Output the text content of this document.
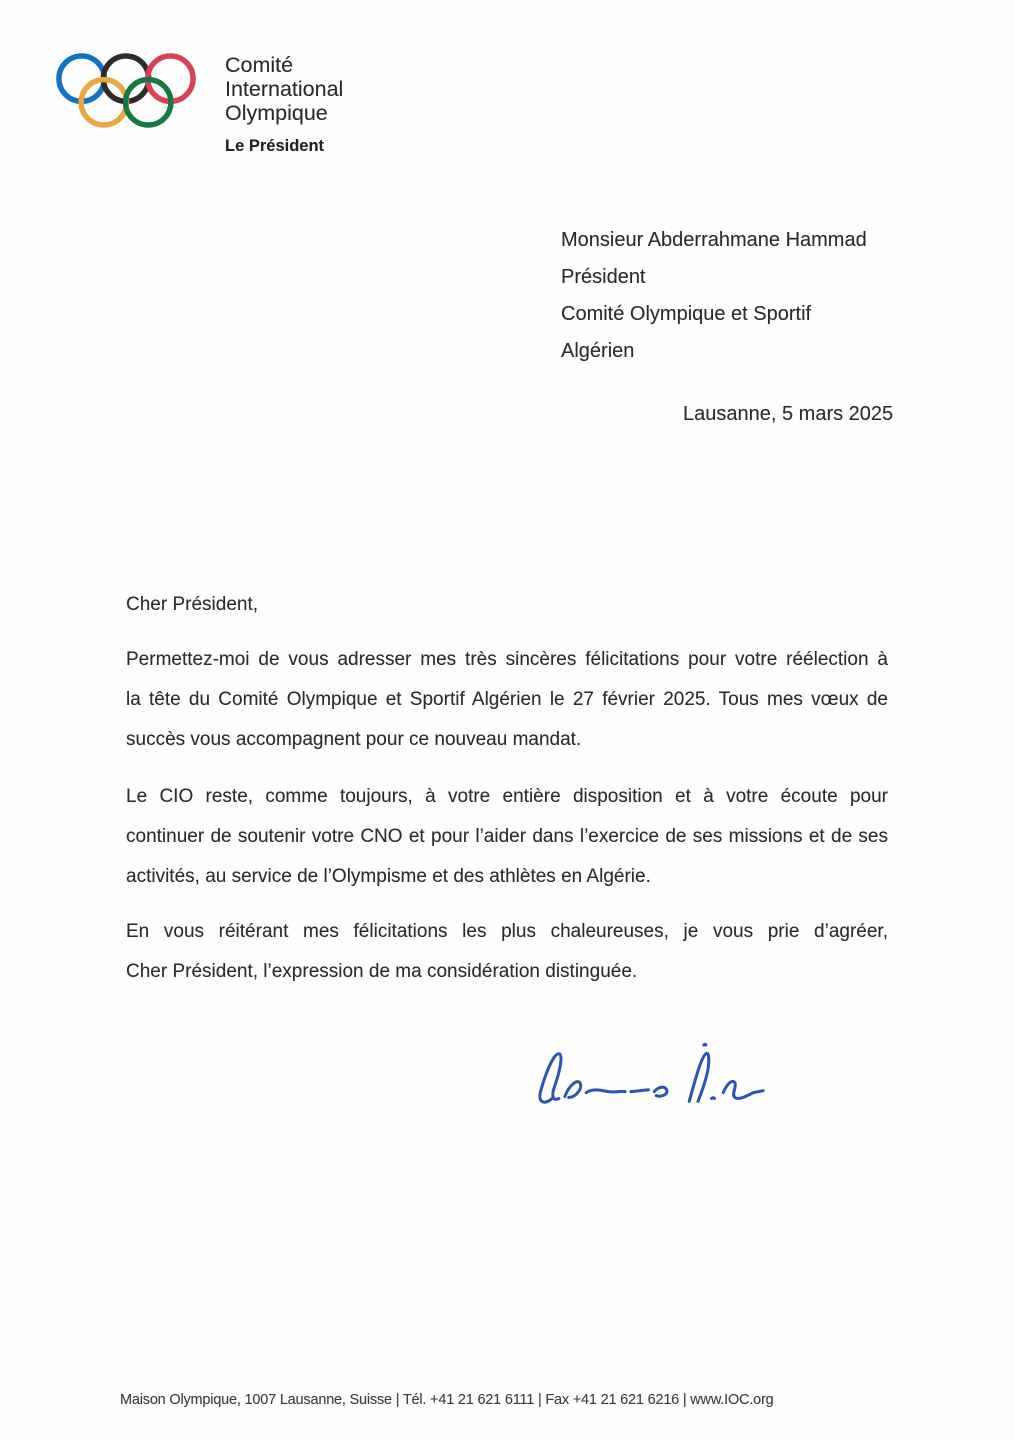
Comité
International
Olympique
Le Président
Monsieur Abderrahmane Hammad
Président
Comité Olympique et Sportif
Algérien
Lausanne, 5 mars 2025
Cher Président,
Permettez-moi de vous adresser mes très sincères félicitations pour votre réélection à
la tête du Comité Olympique et Sportif Algérien le 27 février 2025. Tous mes vœux de
succès vous accompagnent pour ce nouveau mandat.
Le CIO reste, comme toujours, à votre entière disposition et à votre écoute pour
continuer de soutenir votre CNO et pour l’aider dans l’exercice de ses missions et de ses
activités, au service de l’Olympisme et des athlètes en Algérie.
En vous réitérant mes félicitations les plus chaleureuses, je vous prie d’agréer,
Cher Président, l’expression de ma considération distinguée.
Maison Olympique, 1007 Lausanne, Suisse | Tél. +41 21 621 6111 | Fax +41 21 621 6216 | www.IOC.org
